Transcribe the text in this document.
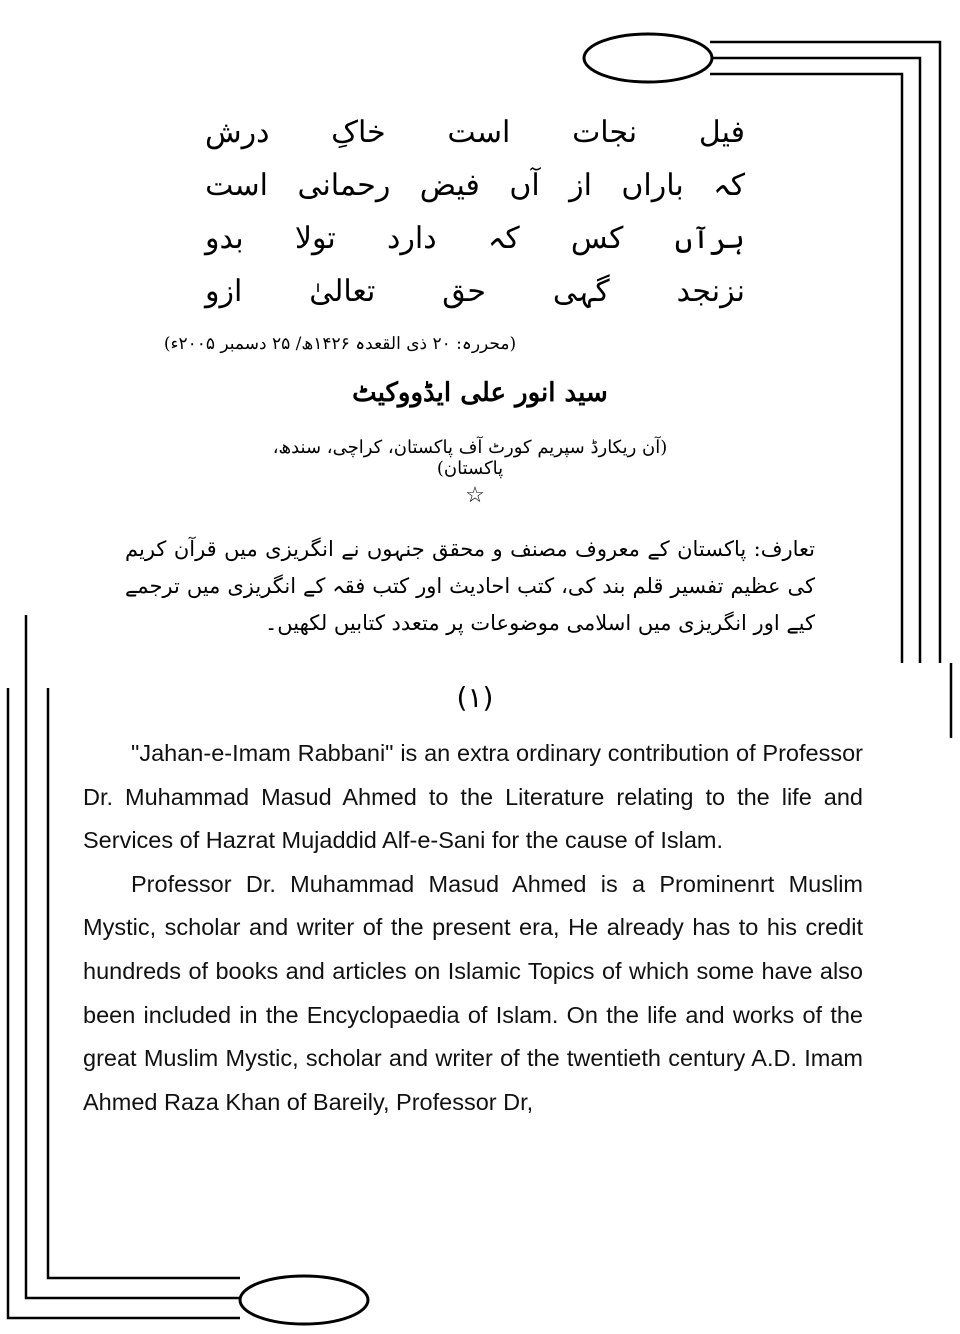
فیل
نجات
است
خاکِ
درش
کہ
باراں
از
آں
فیض
رحمانی
است
ہرآں
کس
کہ
دارد
تولا
بدو
نزنجد
گہی
حق
تعالیٰ
ازو
(محررہ: ۲۰ ذی القعدہ ۱۴۲۶ھ/ ۲۵ دسمبر ۲۰۰۵ء)
سید انور علی ایڈووکیٹ
(آن ریکارڈ سپریم کورٹ آف پاکستان، کراچی، سندھ، پاکستان)
☆
تعارف: پاکستان کے معروف مصنف و محقق جنہوں نے انگریزی میں قرآن کریم کی عظیم تفسیر قلم بند کی، کتب احادیث اور کتب فقہ کے انگریزی میں ترجمے کیے اور انگریزی میں اسلامی موضوعات پر متعدد کتابیں لکھیں۔
(۱)

"Jahan-e-Imam Rabbani" is an extra ordinary contribution of Professor Dr. Muhammad Masud Ahmed to the Literature relating to the life and Services of Hazrat Mujaddid Alf-e-Sani for the cause of Islam.

Professor Dr. Muhammad Masud Ahmed is a Prominenrt Muslim Mystic, scholar and writer of the present era, He already has to his credit hundreds of books and articles on Islamic Topics of which some have also been included in the Encyclopaedia of Islam. On the life and works of the great Muslim Mystic, scholar and writer of the twentieth century A.D. Imam Ahmed Raza Khan of Bareily, Professor Dr,
